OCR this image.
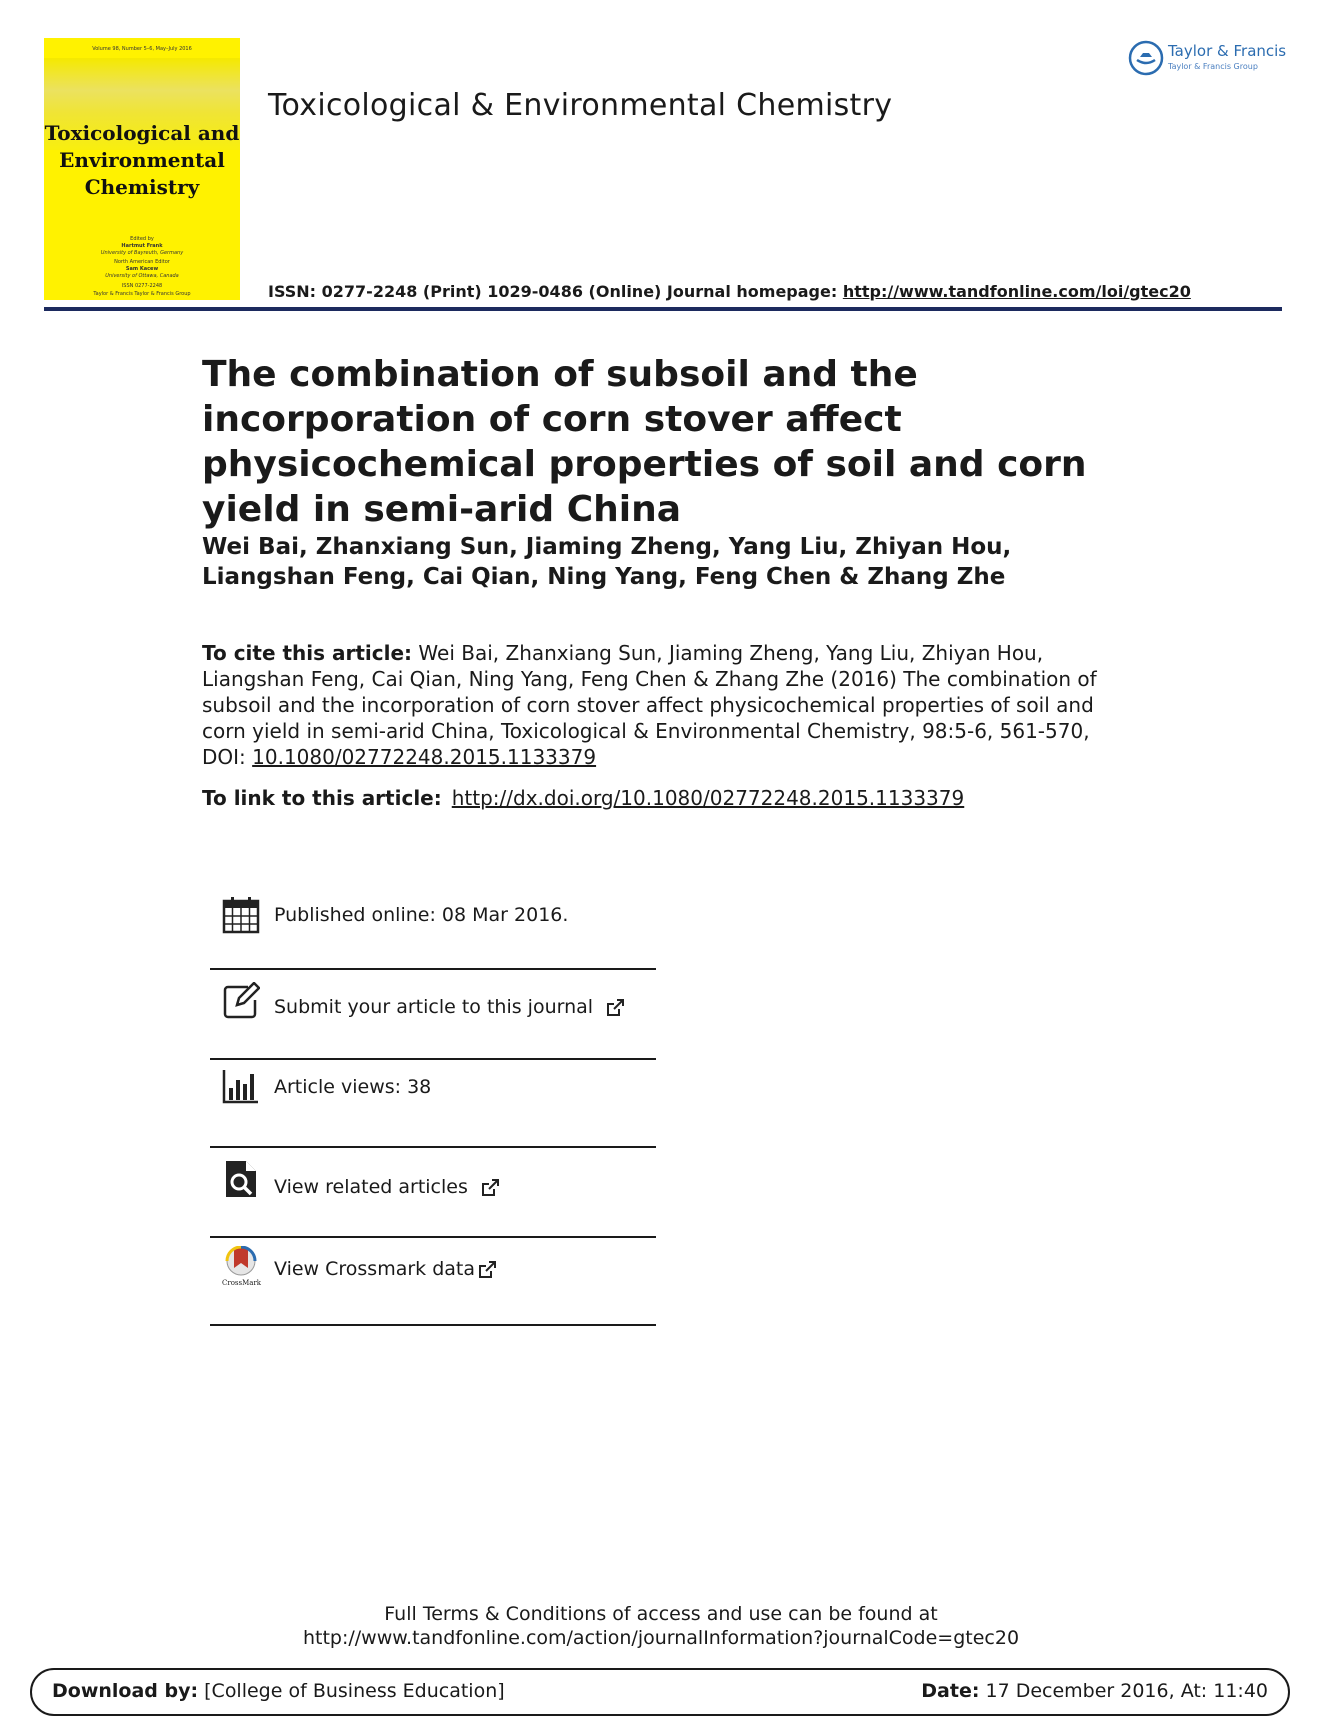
Volume 98, Number 5–6, May–July 2016
Toxicological and Environmental Chemistry
Edited by
Hartmut Frank
University of Bayreuth, Germany
North American Editor
Sam Kacew
University of Ottawa, Canada
ISSN 0277-2248
Taylor & Francis Taylor & Francis Group
Toxicological & Environmental Chemistry
Taylor & Francis
Taylor & Francis Group
ISSN: 0277-2248 (Print) 1029-0486 (Online) Journal homepage: http://www.tandfonline.com/loi/gtec20
The combination of subsoil and the incorporation of corn stover affect physicochemical properties of soil and corn yield in semi-arid China
Wei Bai, Zhanxiang Sun, Jiaming Zheng, Yang Liu, Zhiyan Hou, Liangshan Feng, Cai Qian, Ning Yang, Feng Chen & Zhang Zhe
To cite this article: Wei Bai, Zhanxiang Sun, Jiaming Zheng, Yang Liu, Zhiyan Hou, Liangshan Feng, Cai Qian, Ning Yang, Feng Chen & Zhang Zhe (2016) The combination of subsoil and the incorporation of corn stover affect physicochemical properties of soil and corn yield in semi-arid China, Toxicological & Environmental Chemistry, 98:5-6, 561-570, DOI: 10.1080/02772248.2015.1133379
To link to this article: http://dx.doi.org/10.1080/02772248.2015.1133379
Published online: 08 Mar 2016.
Submit your article to this journal
Article views: 38
View related articles
CrossMark
View Crossmark data
Full Terms & Conditions of access and use can be found at
http://www.tandfonline.com/action/journalInformation?journalCode=gtec20
Download by: [College of Business Education]	Date: 17 December 2016, At: 11:40
